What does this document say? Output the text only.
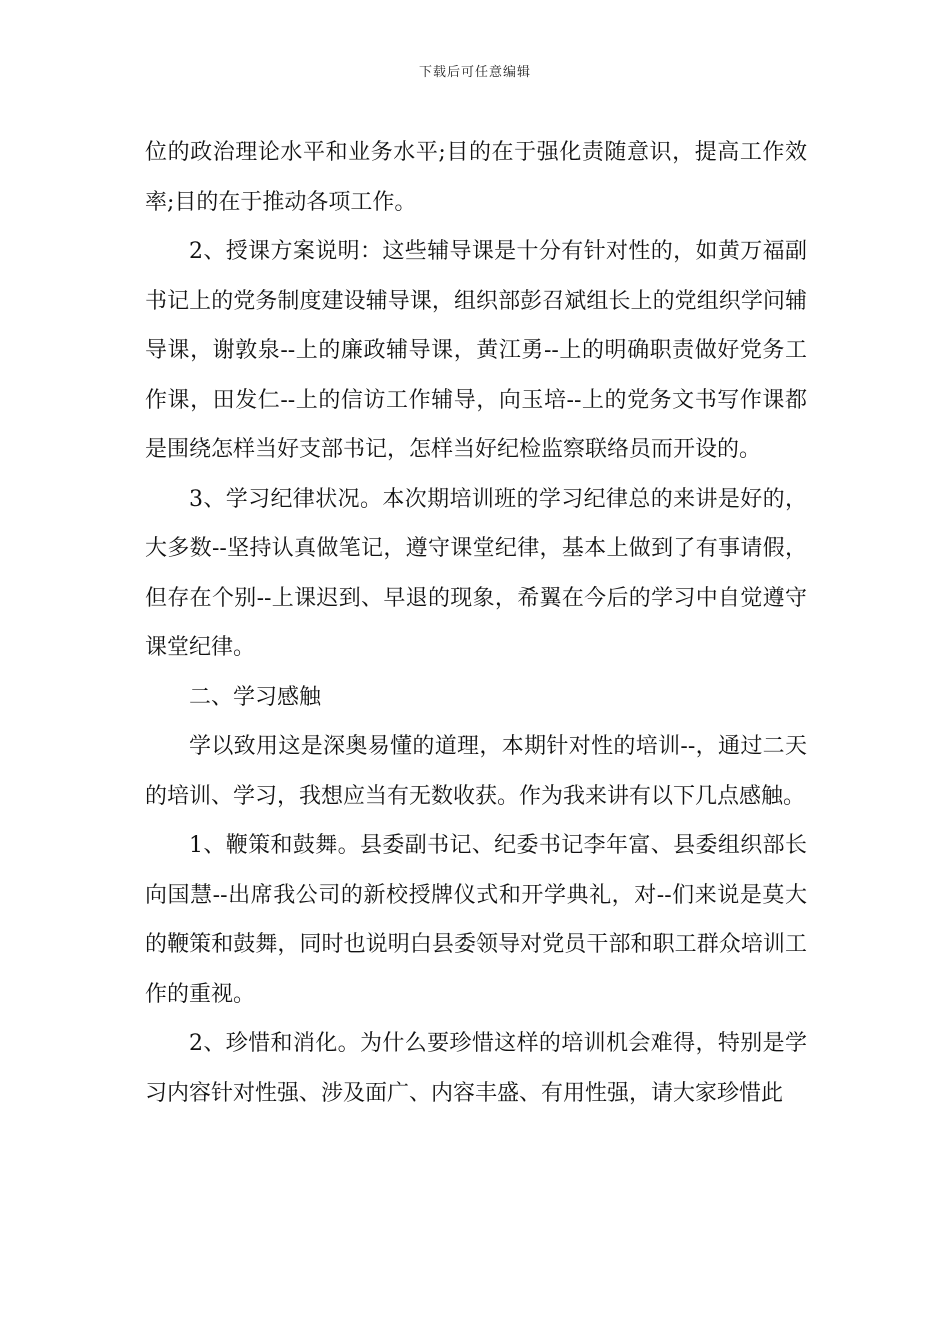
下载后可任意编辑

位的政治理论水平和业务水平;目的在于强化责随意识，提高工作效率;目的在于推动各项工作。

2、授课方案说明：这些辅导课是十分有针对性的，如黄万福副书记上的党务制度建设辅导课，组织部彭召斌组长上的党组织学问辅导课，谢敦泉--上的廉政辅导课，黄江勇--上的明确职责做好党务工作课，田发仁--上的信访工作辅导，向玉培--上的党务文书写作课都是围绕怎样当好支部书记，怎样当好纪检监察联络员而开设的。

3、学习纪律状况。本次期培训班的学习纪律总的来讲是好的，大多数--坚持认真做笔记，遵守课堂纪律，基本上做到了有事请假，但存在个别--上课迟到、早退的现象，希翼在今后的学习中自觉遵守课堂纪律。

二、学习感触

学以致用这是深奥易懂的道理，本期针对性的培训--，通过二天的培训、学习，我想应当有无数收获。作为我来讲有以下几点感触。

1、鞭策和鼓舞。县委副书记、纪委书记李年富、县委组织部长向国慧--出席我公司的新校授牌仪式和开学典礼，对--们来说是莫大的鞭策和鼓舞，同时也说明白县委领导对党员干部和职工群众培训工作的重视。

2、珍惜和消化。为什么要珍惜这样的培训机会难得，特别是学习内容针对性强、涉及面广、内容丰盛、有用性强，请大家珍惜此
